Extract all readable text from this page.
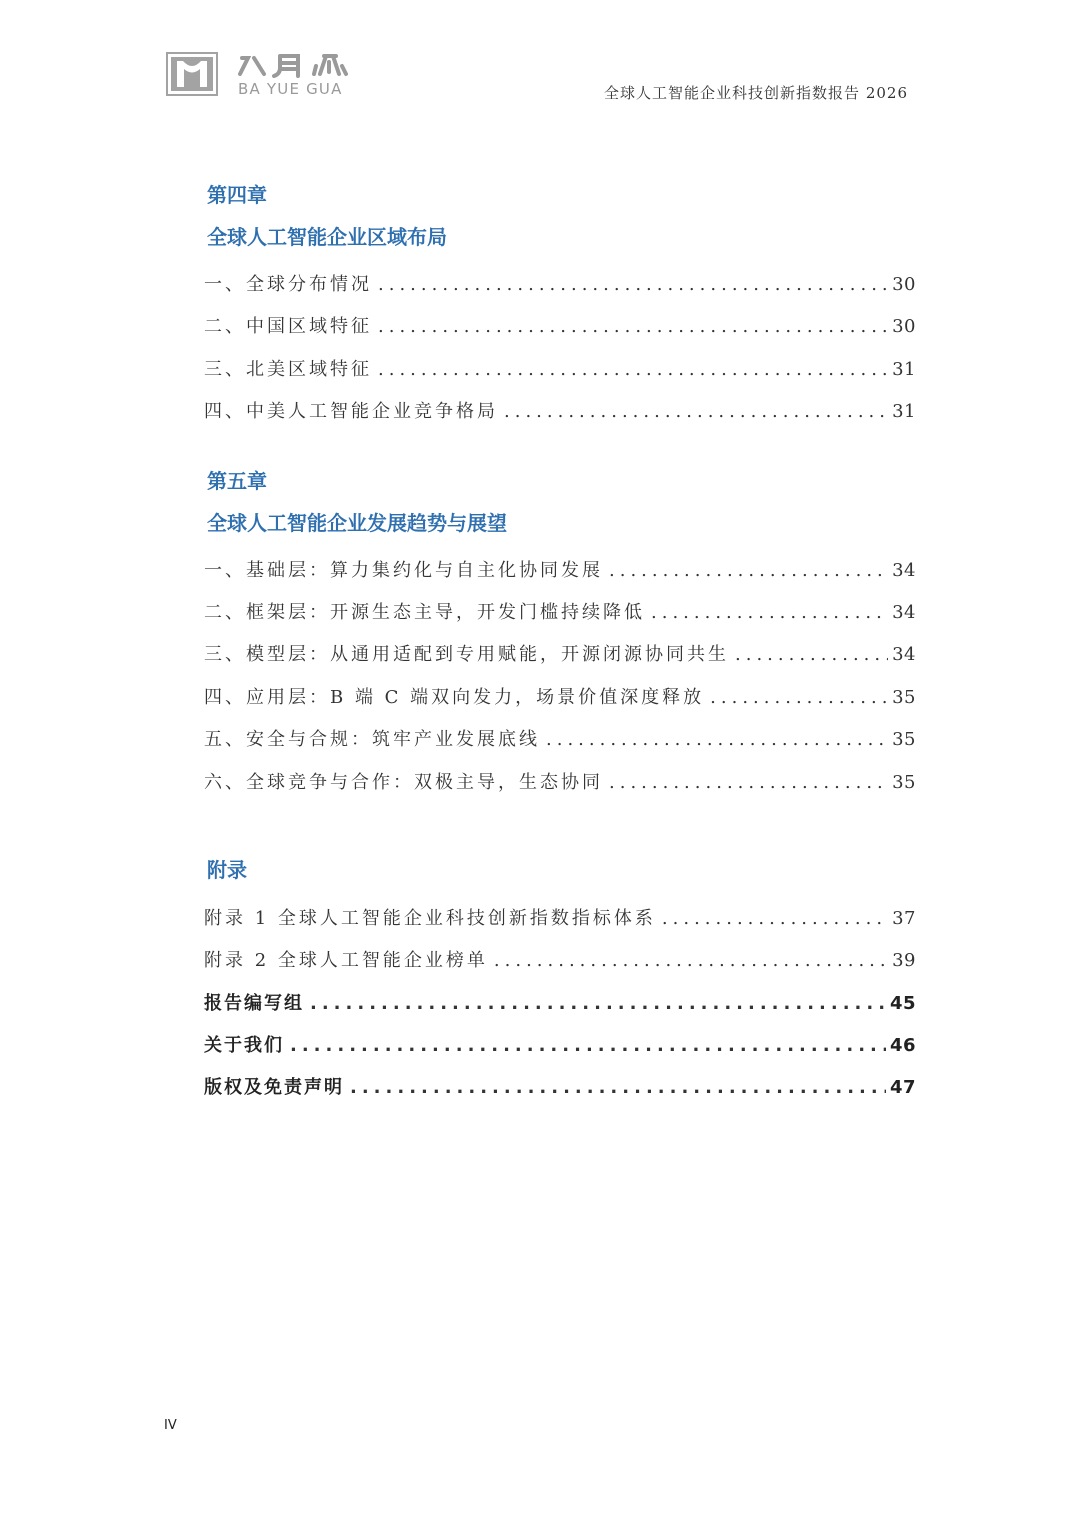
BA YUE GUA	全球人工智能企业科技创新指数报告 2026
第四章
全球人工智能企业区域布局
一、全球分布情况 .....	30
二、中国区域特征 .....	30
三、北美区域特征 .....	31
四、中美人工智能企业竞争格局 .....	31
第五章
全球人工智能企业发展趋势与展望
一、基础层：算力集约化与自主化协同发展 .....	34
二、框架层：开源生态主导，开发门槛持续降低 .....	34
三、模型层：从通用适配到专用赋能，开源闭源协同共生 .....	34
四、应用层：B 端 C 端双向发力，场景价值深度释放 .....	35
五、安全与合规：筑牢产业发展底线 .....	35
六、全球竞争与合作：双极主导，生态协同 .....	35
附录
附录 1 全球人工智能企业科技创新指数指标体系 .....	37
附录 2 全球人工智能企业榜单 .....	39
报告编写组 .....	45
关于我们 .....	46
版权及免责声明 .....	47
IV
